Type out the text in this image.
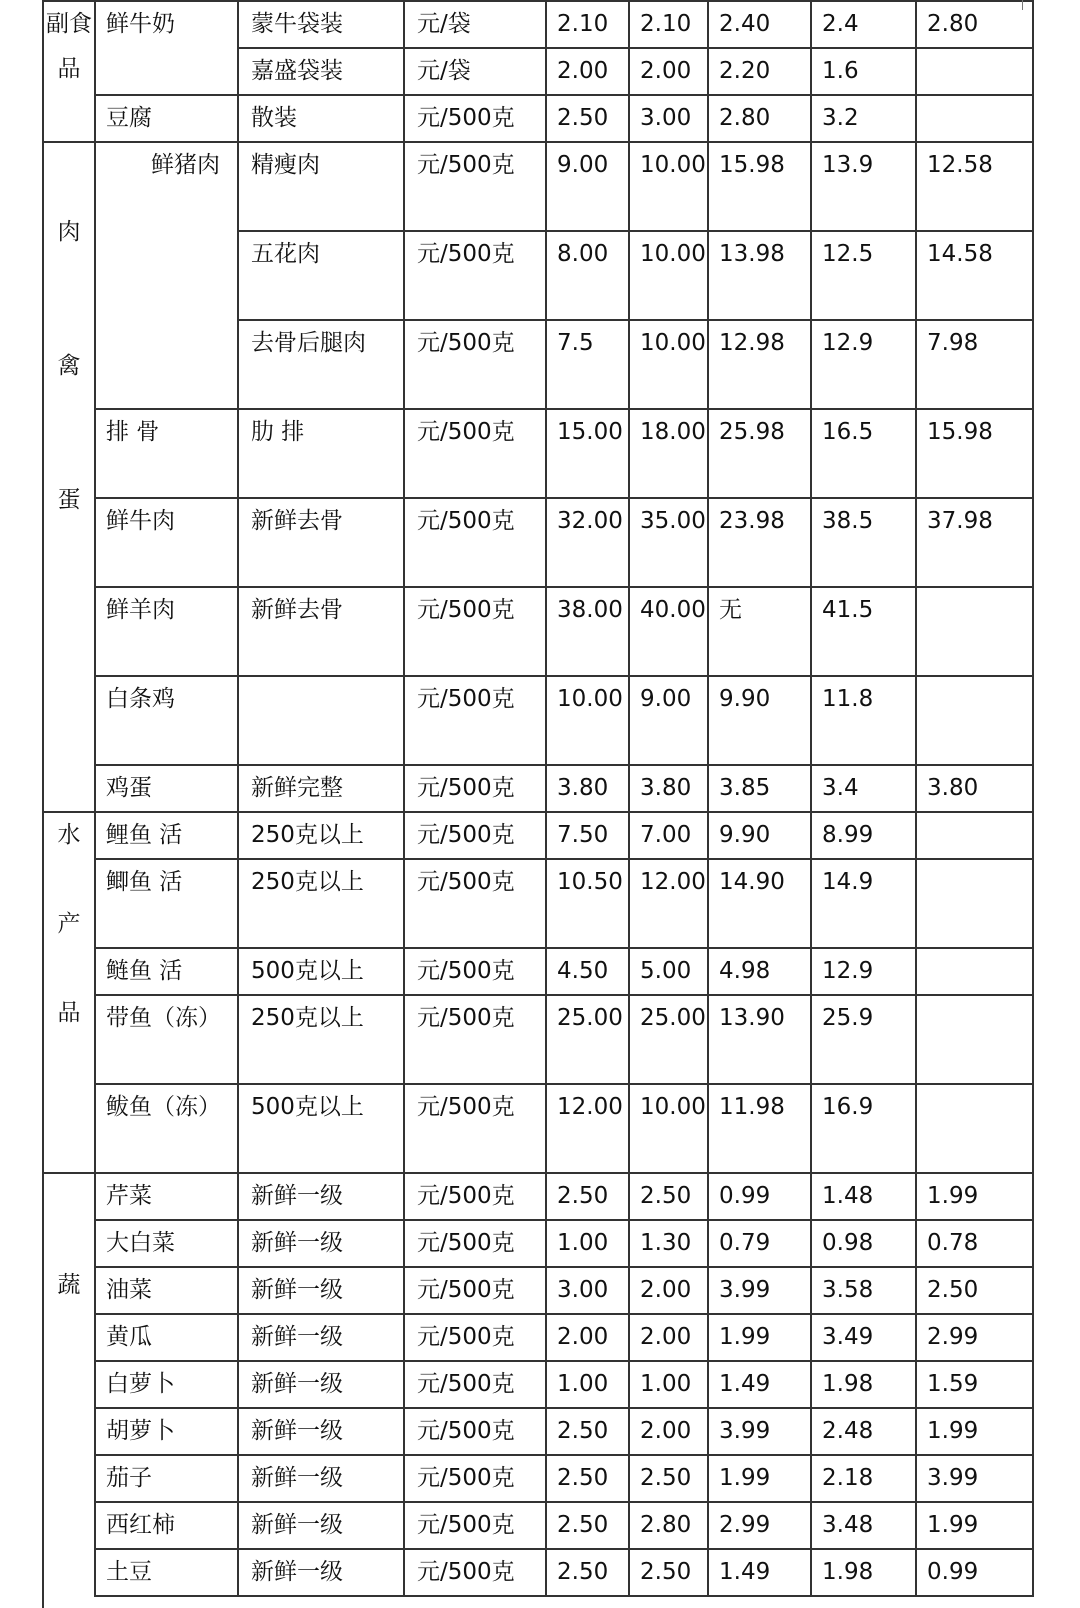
副食品	鲜牛奶	蒙牛袋装	元/袋	2.10	2.10	2.40	2.4	2.80
		嘉盛袋装	元/袋	2.00	2.00	2.20	1.6	
	豆腐	散装	元/500克	2.50	3.00	2.80	3.2	

肉禽蛋	鲜猪肉	精瘦肉	元/500克	9.00	10.00	15.98	13.9	12.58
		五花肉	元/500克	8.00	10.00	13.98	12.5	14.58
		去骨后腿肉	元/500克	7.5	10.00	12.98	12.9	7.98
	排 骨	肋 排	元/500克	15.00	18.00	25.98	16.5	15.98
	鲜牛肉	新鲜去骨	元/500克	32.00	35.00	23.98	38.5	37.98
	鲜羊肉	新鲜去骨	元/500克	38.00	40.00	无	41.5	
	白条鸡		元/500克	10.00	9.00	9.90	11.8	
	鸡蛋	新鲜完整	元/500克	3.80	3.80	3.85	3.4	3.80

水产品	鲤鱼 活	250克以上	元/500克	7.50	7.00	9.90	8.99	
	鲫鱼 活	250克以上	元/500克	10.50	12.00	14.90	14.9	
	鲢鱼 活	500克以上	元/500克	4.50	5.00	4.98	12.9	
	带鱼（冻）	250克以上	元/500克	25.00	25.00	13.90	25.9	
	鲅鱼（冻）	500克以上	元/500克	12.00	10.00	11.98	16.9	

蔬	芹菜	新鲜一级	元/500克	2.50	2.50	0.99	1.48	1.99
	大白菜	新鲜一级	元/500克	1.00	1.30	0.79	0.98	0.78
	油菜	新鲜一级	元/500克	3.00	2.00	3.99	3.58	2.50
	黄瓜	新鲜一级	元/500克	2.00	2.00	1.99	3.49	2.99
	白萝卜	新鲜一级	元/500克	1.00	1.00	1.49	1.98	1.59
	胡萝卜	新鲜一级	元/500克	2.50	2.00	3.99	2.48	1.99
	茄子	新鲜一级	元/500克	2.50	2.50	1.99	2.18	3.99
	西红柿	新鲜一级	元/500克	2.50	2.80	2.99	3.48	1.99
	土豆	新鲜一级	元/500克	2.50	2.50	1.49	1.98	0.99
